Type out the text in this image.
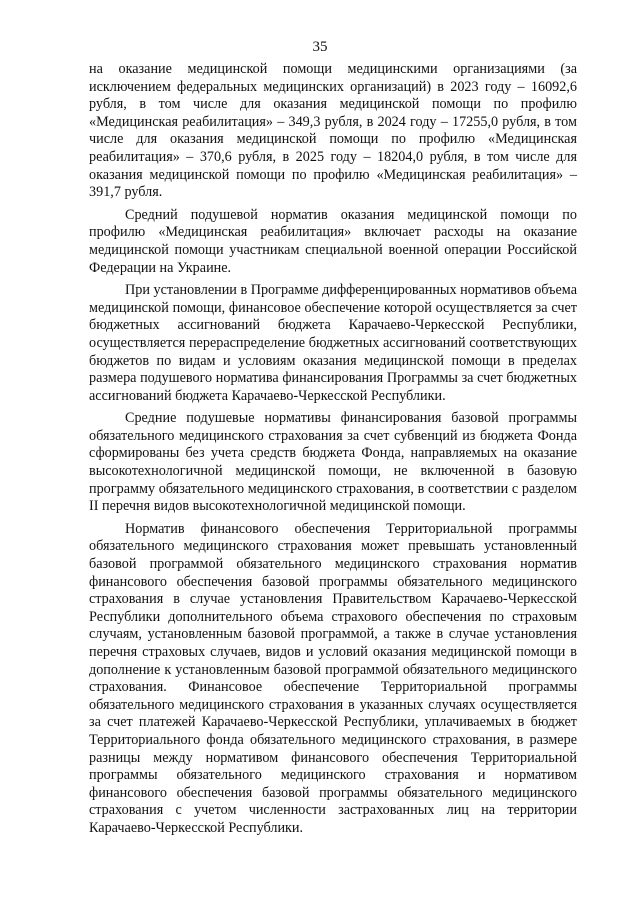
35

на оказание медицинской помощи медицинскими организациями (за исключением федеральных медицинских организаций) в 2023 году – 16092,6 рубля, в том числе для оказания медицинской помощи по профилю «Медицинская реабилитация» – 349,3 рубля, в 2024 году – 17255,0 рубля, в том числе для оказания медицинской помощи по профилю «Медицинская реабилитация» – 370,6 рубля, в 2025 году – 18204,0 рубля, в том числе для оказания медицинской помощи по профилю «Медицинская реабилитация» – 391,7 рубля.

Средний подушевой норматив оказания медицинской помощи по профилю «Медицинская реабилитация» включает расходы на оказание медицинской помощи участникам специальной военной операции Российской Федерации на Украине.

При установлении в Программе дифференцированных нормативов объема медицинской помощи, финансовое обеспечение которой осуществляется за счет бюджетных ассигнований бюджета Карачаево-Черкесской Республики, осуществляется перераспределение бюджетных ассигнований соответствующих бюджетов по видам и условиям оказания медицинской помощи в пределах размера подушевого норматива финансирования Программы за счет бюджетных ассигнований бюджета Карачаево-Черкесской Республики.

Средние подушевые нормативы финансирования базовой программы обязательного медицинского страхования за счет субвенций из бюджета Фонда сформированы без учета средств бюджета Фонда, направляемых на оказание высокотехнологичной медицинской помощи, не включенной в базовую программу обязательного медицинского страхования, в соответствии с разделом II перечня видов высокотехнологичной медицинской помощи.

Норматив финансового обеспечения Территориальной программы обязательного медицинского страхования может превышать установленный базовой программой обязательного медицинского страхования норматив финансового обеспечения базовой программы обязательного медицинского страхования в случае установления Правительством Карачаево-Черкесской Республики дополнительного объема страхового обеспечения по страховым случаям, установленным базовой программой, а также в случае установления перечня страховых случаев, видов и условий оказания медицинской помощи в дополнение к установленным базовой программой обязательного медицинского страхования. Финансовое обеспечение Территориальной программы обязательного медицинского страхования в указанных случаях осуществляется за счет платежей Карачаево-Черкесской Республики, уплачиваемых в бюджет Территориального фонда обязательного медицинского страхования, в размере разницы между нормативом финансового обеспечения Территориальной программы обязательного медицинского страхования и нормативом финансового обеспечения базовой программы обязательного медицинского страхования с учетом численности застрахованных лиц на территории Карачаево-Черкесской Республики.
